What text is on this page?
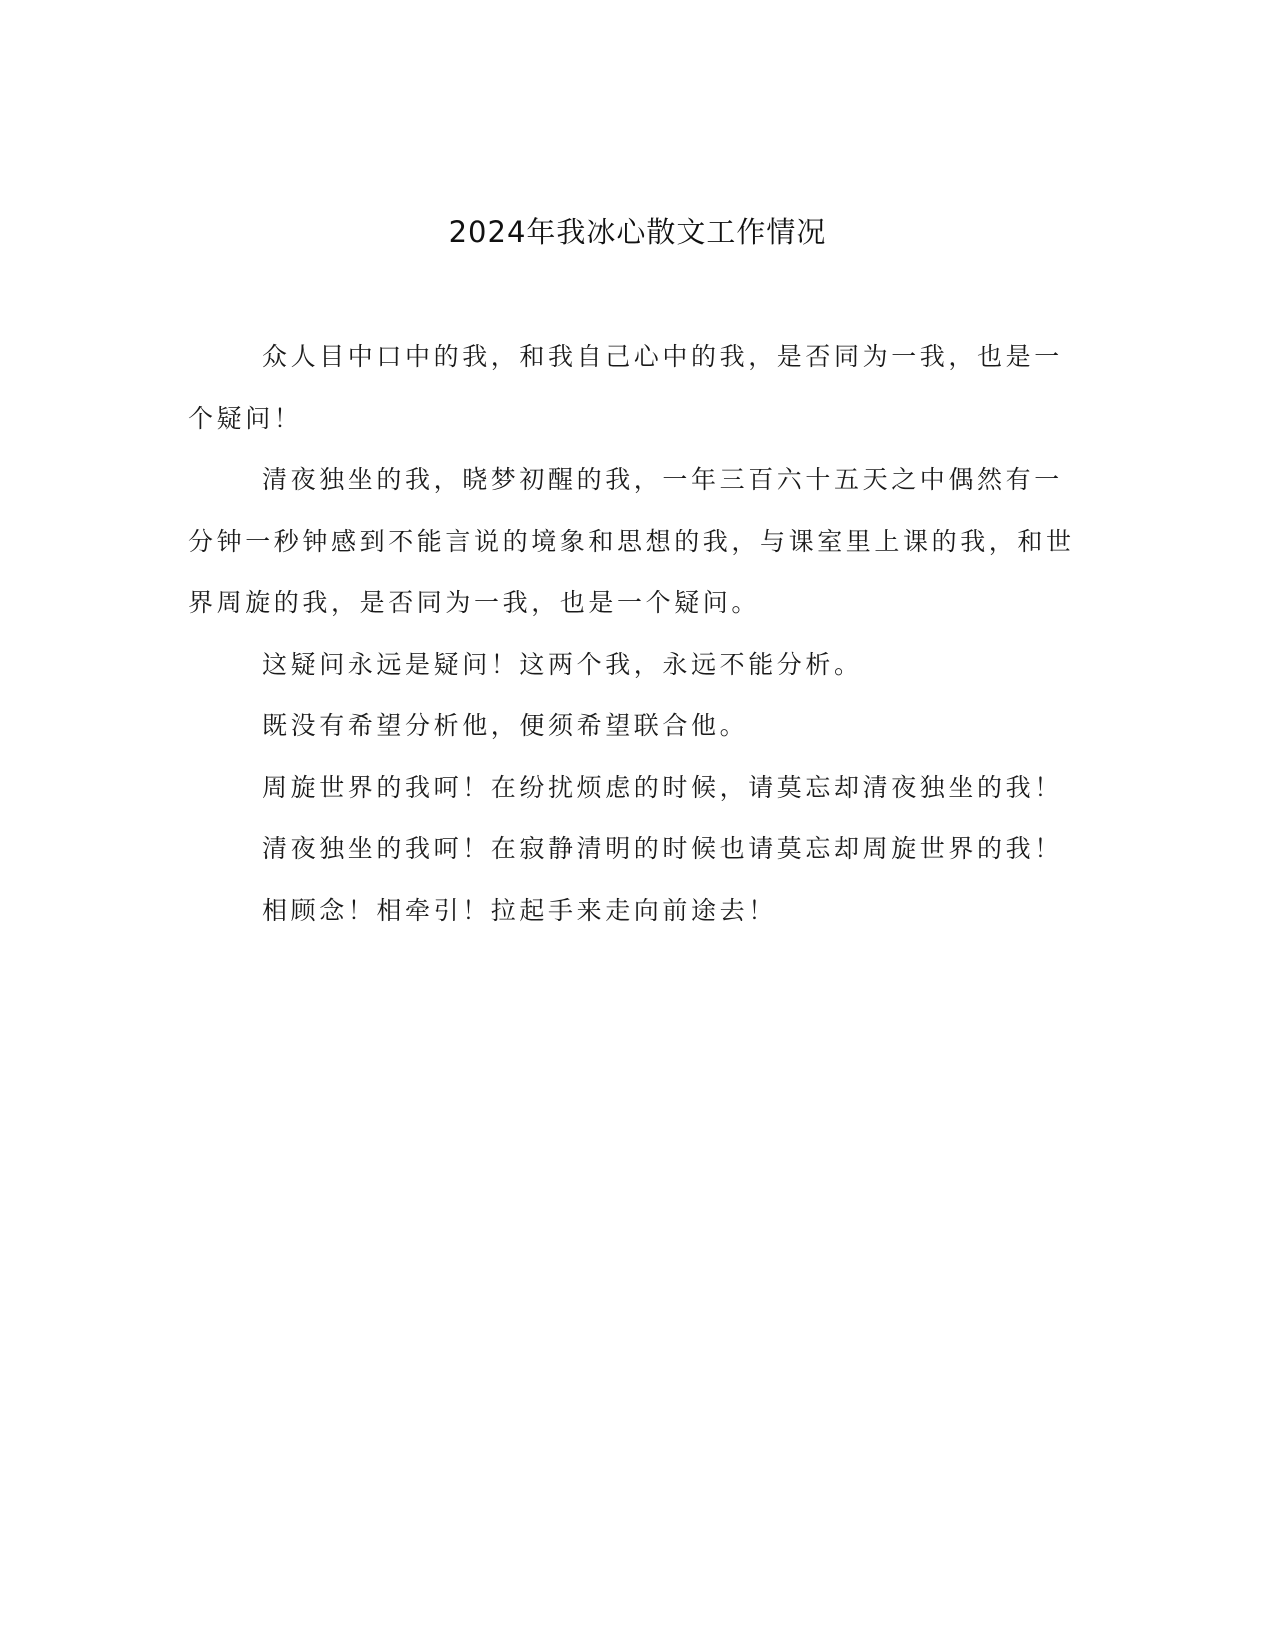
2024年我冰心散文工作情况

众人目中口中的我，和我自己心中的我，是否同为一我，也是一个疑问！

清夜独坐的我，晓梦初醒的我，一年三百六十五天之中偶然有一分钟一秒钟感到不能言说的境象和思想的我，与课室里上课的我，和世界周旋的我，是否同为一我，也是一个疑问。

这疑问永远是疑问！这两个我，永远不能分析。

既没有希望分析他，便须希望联合他。

周旋世界的我呵！在纷扰烦虑的时候，请莫忘却清夜独坐的我！

清夜独坐的我呵！在寂静清明的时候也请莫忘却周旋世界的我！

相顾念！相牵引！拉起手来走向前途去！
